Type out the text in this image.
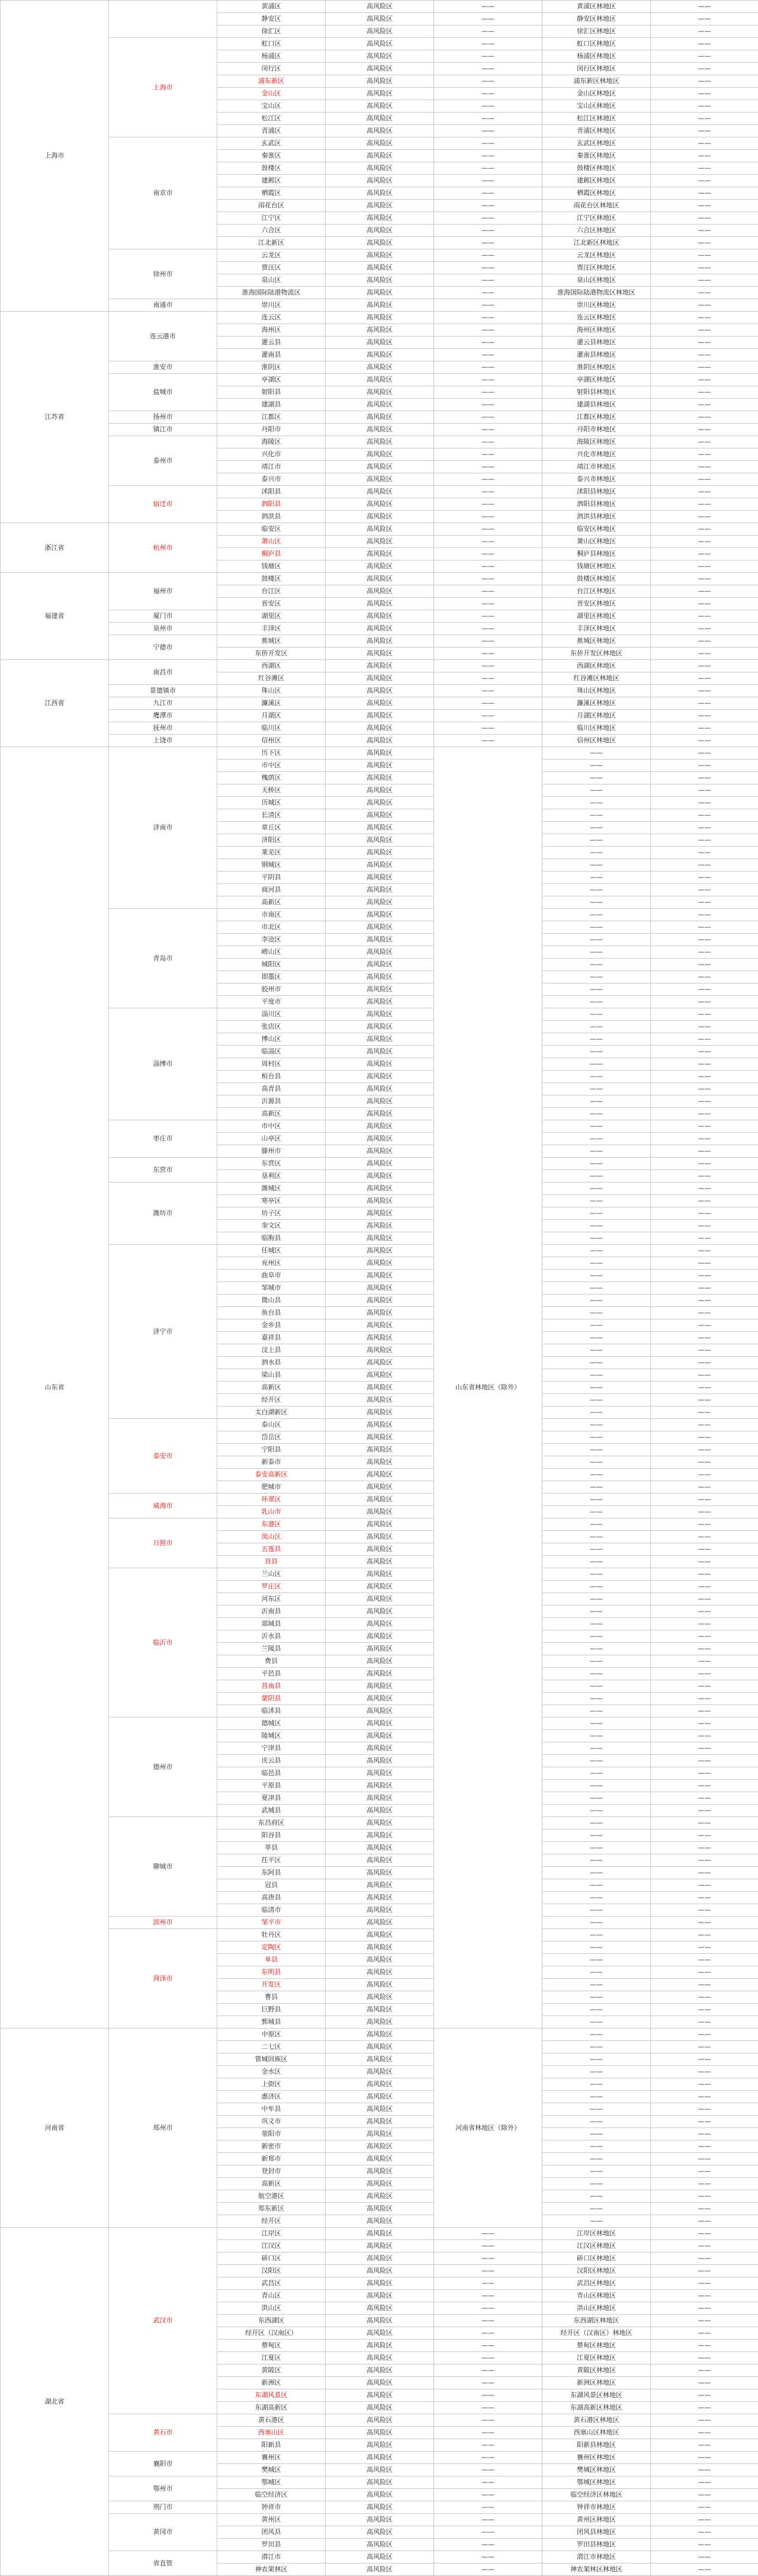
上海市		黄浦区	高风险区	——	黄浦区林地区	——
		静安区	高风险区	——	静安区林地区	——
		徐汇区	高风险区	——	徐汇区林地区	——
	上海市	虹口区	高风险区	——	虹口区林地区	——
		杨浦区	高风险区	——	杨浦区林地区	——
		闵行区	高风险区	——	闵行区林地区	——
		浦东新区	高风险区	——	浦东新区林地区	——
		金山区	高风险区	——	金山区林地区	——
		宝山区	高风险区	——	宝山区林地区	——
		松江区	高风险区	——	松江区林地区	——
		青浦区	高风险区	——	青浦区林地区	——
	南京市	玄武区	高风险区	——	玄武区林地区	——
		秦淮区	高风险区	——	秦淮区林地区	——
		鼓楼区	高风险区	——	鼓楼区林地区	——
		建邺区	高风险区	——	建邺区林地区	——
		栖霞区	高风险区	——	栖霞区林地区	——
		雨花台区	高风险区	——	雨花台区林地区	——
		江宁区	高风险区	——	江宁区林地区	——
		六合区	高风险区	——	六合区林地区	——
		江北新区	高风险区	——	江北新区林地区	——
	徐州市	云龙区	高风险区	——	云龙区林地区	——
		贾汪区	高风险区	——	贾汪区林地区	——
		泉山区	高风险区	——	泉山区林地区	——
		淮海国际陆港物流区	高风险区	——	淮海国际陆港物流区林地区	——
	南通市	崇川区	高风险区	——	崇川区林地区	——
江苏省	连云港市	连云区	高风险区	——	连云区林地区	——
		海州区	高风险区	——	海州区林地区	——
		灌云县	高风险区	——	灌云县林地区	——
		灌南县	高风险区	——	灌南县林地区	——
	淮安市	淮阴区	高风险区	——	淮阴区林地区	——
	盐城市	亭湖区	高风险区	——	亭湖区林地区	——
		射阳县	高风险区	——	射阳县林地区	——
		建湖县	高风险区	——	建湖县林地区	——
	扬州市	江都区	高风险区	——	江都区林地区	——
	镇江市	丹阳市	高风险区	——	丹阳市林地区	——
	泰州市	海陵区	高风险区	——	海陵区林地区	——
		兴化市	高风险区	——	兴化市林地区	——
		靖江市	高风险区	——	靖江市林地区	——
		泰兴市	高风险区	——	泰兴市林地区	——
	宿迁市	沭阳县	高风险区	——	沭阳县林地区	——
		泗阳县	高风险区	——	泗阳县林地区	——
		泗洪县	高风险区	——	泗洪县林地区	——
浙江省	杭州市	临安区	高风险区	——	临安区林地区	——
		萧山区	高风险区	——	萧山区林地区	——
		桐庐县	高风险区	——	桐庐县林地区	——
		钱塘区	高风险区	——	钱塘区林地区	——
福建省	福州市	鼓楼区	高风险区	——	鼓楼区林地区	——
		台江区	高风险区	——	台江区林地区	——
		晋安区	高风险区	——	晋安区林地区	——
	厦门市	湖里区	高风险区	——	湖里区林地区	——
	泉州市	丰泽区	高风险区	——	丰泽区林地区	——
	宁德市	蕉城区	高风险区	——	蕉城区林地区	——
		东侨开发区	高风险区	——	东侨开发区林地区	——
江西省	南昌市	西湖区	高风险区	——	西湖区林地区	——
		红谷滩区	高风险区	——	红谷滩区林地区	——
	景德镇市	珠山区	高风险区	——	珠山区林地区	——
	九江市	濂溪区	高风险区	——	濂溪区林地区	——
	鹰潭市	月湖区	高风险区	——	月湖区林地区	——
	抚州市	临川区	高风险区	——	临川区林地区	——
	上饶市	信州区	高风险区	——	信州区林地区	——
山东省	济南市	历下区	高风险区	山东省林地区（除外）	——	——
		市中区	高风险区		——	——
		槐荫区	高风险区		——	——
		天桥区	高风险区		——	——
		历城区	高风险区		——	——
		长清区	高风险区		——	——
		章丘区	高风险区		——	——
		济阳区	高风险区		——	——
		莱芜区	高风险区		——	——
		钢城区	高风险区		——	——
		平阴县	高风险区		——	——
		商河县	高风险区		——	——
		高新区	高风险区		——	——
	青岛市	市南区	高风险区		——	——
		市北区	高风险区		——	——
		李沧区	高风险区		——	——
		崂山区	高风险区		——	——
		城阳区	高风险区		——	——
		即墨区	高风险区		——	——
		胶州市	高风险区		——	——
		平度市	高风险区		——	——
	淄博市	淄川区	高风险区		——	——
		张店区	高风险区		——	——
		博山区	高风险区		——	——
		临淄区	高风险区		——	——
		周村区	高风险区		——	——
		桓台县	高风险区		——	——
		高青县	高风险区		——	——
		沂源县	高风险区		——	——
		高新区	高风险区		——	——
	枣庄市	市中区	高风险区		——	——
		山亭区	高风险区		——	——
		滕州市	高风险区		——	——
	东营市	东营区	高风险区		——	——
		垦利区	高风险区		——	——
	潍坊市	潍城区	高风险区		——	——
		寒亭区	高风险区		——	——
		坊子区	高风险区		——	——
		奎文区	高风险区		——	——
		临朐县	高风险区		——	——
	济宁市	任城区	高风险区		——	——
		兖州区	高风险区		——	——
		曲阜市	高风险区		——	——
		邹城市	高风险区		——	——
		微山县	高风险区		——	——
		鱼台县	高风险区		——	——
		金乡县	高风险区		——	——
		嘉祥县	高风险区		——	——
		汶上县	高风险区		——	——
		泗水县	高风险区		——	——
		梁山县	高风险区		——	——
		高新区	高风险区		——	——
		经开区	高风险区		——	——
		太白湖新区	高风险区		——	——
	泰安市	泰山区	高风险区		——	——
		岱岳区	高风险区		——	——
		宁阳县	高风险区		——	——
		新泰市	高风险区		——	——
		泰安高新区	高风险区		——	——
		肥城市	高风险区		——	——
	威海市	环翠区	高风险区		——	——
		乳山市	高风险区		——	——
	日照市	东港区	高风险区		——	——
		岚山区	高风险区		——	——
		五莲县	高风险区		——	——
		莒县	高风险区		——	——
	临沂市	兰山区	高风险区		——	——
		罗庄区	高风险区		——	——
		河东区	高风险区		——	——
		沂南县	高风险区		——	——
		郯城县	高风险区		——	——
		沂水县	高风险区		——	——
		兰陵县	高风险区		——	——
		费县	高风险区		——	——
		平邑县	高风险区		——	——
		莒南县	高风险区		——	——
		蒙阴县	高风险区		——	——
		临沭县	高风险区		——	——
	德州市	德城区	高风险区		——	——
		陵城区	高风险区		——	——
		宁津县	高风险区		——	——
		庆云县	高风险区		——	——
		临邑县	高风险区		——	——
		平原县	高风险区		——	——
		夏津县	高风险区		——	——
		武城县	高风险区		——	——
	聊城市	东昌府区	高风险区		——	——
		阳谷县	高风险区		——	——
		莘县	高风险区		——	——
		茌平区	高风险区		——	——
		东阿县	高风险区		——	——
		冠县	高风险区		——	——
		高唐县	高风险区		——	——
		临清市	高风险区		——	——
	滨州市	邹平市	高风险区		——	——
	菏泽市	牡丹区	高风险区		——	——
		定陶区	高风险区		——	——
		单县	高风险区		——	——
		东明县	高风险区		——	——
		开发区	高风险区		——	——
		曹县	高风险区		——	——
		巨野县	高风险区		——	——
		鄄城县	高风险区		——	——
河南省	郑州市	中原区	高风险区	河南省林地区（除外）	——	——
		二七区	高风险区		——	——
		管城回族区	高风险区		——	——
		金水区	高风险区		——	——
		上街区	高风险区		——	——
		惠济区	高风险区		——	——
		中牟县	高风险区		——	——
		巩义市	高风险区		——	——
		荥阳市	高风险区		——	——
		新密市	高风险区		——	——
		新郑市	高风险区		——	——
		登封市	高风险区		——	——
		高新区	高风险区		——	——
		航空港区	高风险区		——	——
		郑东新区	高风险区		——	——
		经开区	高风险区		——	——
湖北省	武汉市	江岸区	高风险区	——	江岸区林地区	——
		江汉区	高风险区	——	江汉区林地区	——
		硚口区	高风险区	——	硚口区林地区	——
		汉阳区	高风险区	——	汉阳区林地区	——
		武昌区	高风险区	——	武昌区林地区	——
		青山区	高风险区	——	青山区林地区	——
		洪山区	高风险区	——	洪山区林地区	——
		东西湖区	高风险区	——	东西湖区林地区	——
		经开区（汉南区）	高风险区	——	经开区（汉南区）林地区	——
		蔡甸区	高风险区	——	蔡甸区林地区	——
		江夏区	高风险区	——	江夏区林地区	——
		黄陂区	高风险区	——	黄陂区林地区	——
		新洲区	高风险区	——	新洲区林地区	——
		东湖风景区	高风险区	——	东湖风景区林地区	——
		东湖高新区	高风险区	——	东湖高新区林地区	——
	黄石市	黄石港区	高风险区	——	黄石港区林地区	——
		西塞山区	高风险区	——	西塞山区林地区	——
		阳新县	高风险区	——	阳新县林地区	——
	襄阳市	襄州区	高风险区	——	襄州区林地区	——
		樊城区	高风险区	——	樊城区林地区	——
	鄂州市	鄂城区	高风险区	——	鄂城区林地区	——
		临空经济区	高风险区	——	临空经济区林地区	——
	荆门市	钟祥市	高风险区	——	钟祥市林地区	——
	黄冈市	黄州区	高风险区	——	黄州区林地区	——
		团风县	高风险区	——	团风县林地区	——
		罗田县	高风险区	——	罗田县林地区	——
	省直管	潜江市	高风险区	——	潜江市林地区	——
		神农架林区	高风险区	——	神农架林区林地区	——
